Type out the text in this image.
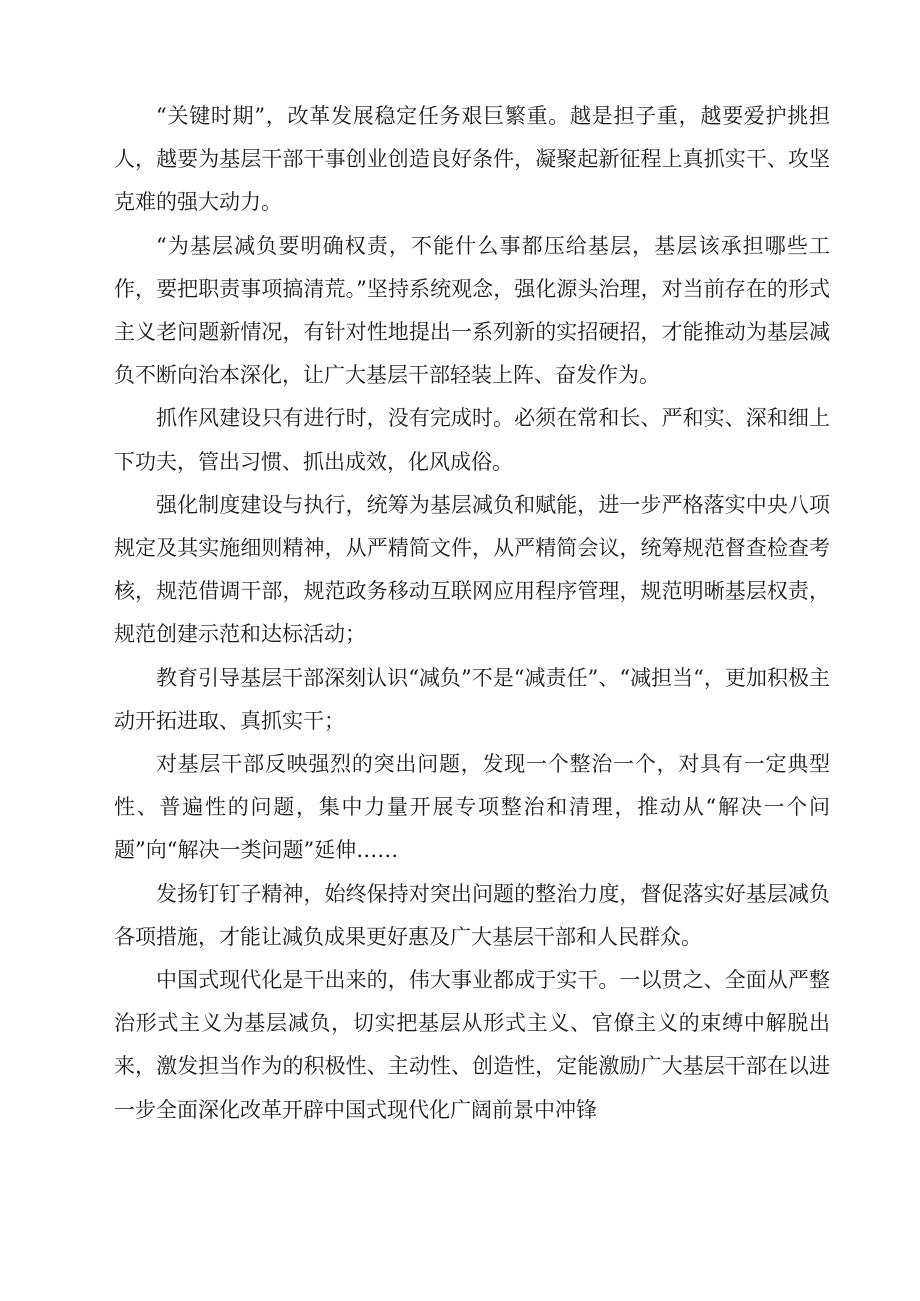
“关键时期”，改革发展稳定任务艰巨繁重。越是担子重，越要爱护挑担人，越要为基层干部干事创业创造良好条件，凝聚起新征程上真抓实干、攻坚克难的强大动力。

“为基层减负要明确权责，不能什么事都压给基层，基层该承担哪些工作，要把职责事项搞清荒。”坚持系统观念，强化源头治理，对当前存在的形式主义老问题新情况，有针对性地提出一系列新的实招硬招，才能推动为基层减负不断向治本深化，让广大基层干部轻装上阵、奋发作为。

抓作风建设只有进行时，没有完成时。必须在常和长、严和实、深和细上下功夫，管出习惯、抓出成效，化风成俗。

强化制度建设与执行，统筹为基层减负和赋能，进一步严格落实中央八项规定及其实施细则精神，从严精简文件，从严精简会议，统筹规范督查检查考核，规范借调干部，规范政务移动互联网应用程序管理，规范明晰基层权责，规范创建示范和达标活动；

教育引导基层干部深刻认识“减负”不是“减责任”、“减担当“，更加积极主动开拓进取、真抓实干；

对基层干部反映强烈的突出问题，发现一个整治一个，对具有一定典型性、普遍性的问题，集中力量开展专项整治和清理，推动从“解决一个问题”向“解决一类问题”延伸……

发扬钉钉子精神，始终保持对突出问题的整治力度，督促落实好基层减负各项措施，才能让减负成果更好惠及广大基层干部和人民群众。

中国式现代化是干出来的，伟大事业都成于实干。一以贯之、全面从严整治形式主义为基层减负，切实把基层从形式主义、官僚主义的束缚中解脱出来，激发担当作为的积极性、主动性、创造性，定能激励广大基层干部在以进一步全面深化改革开辟中国式现代化广阔前景中冲锋
